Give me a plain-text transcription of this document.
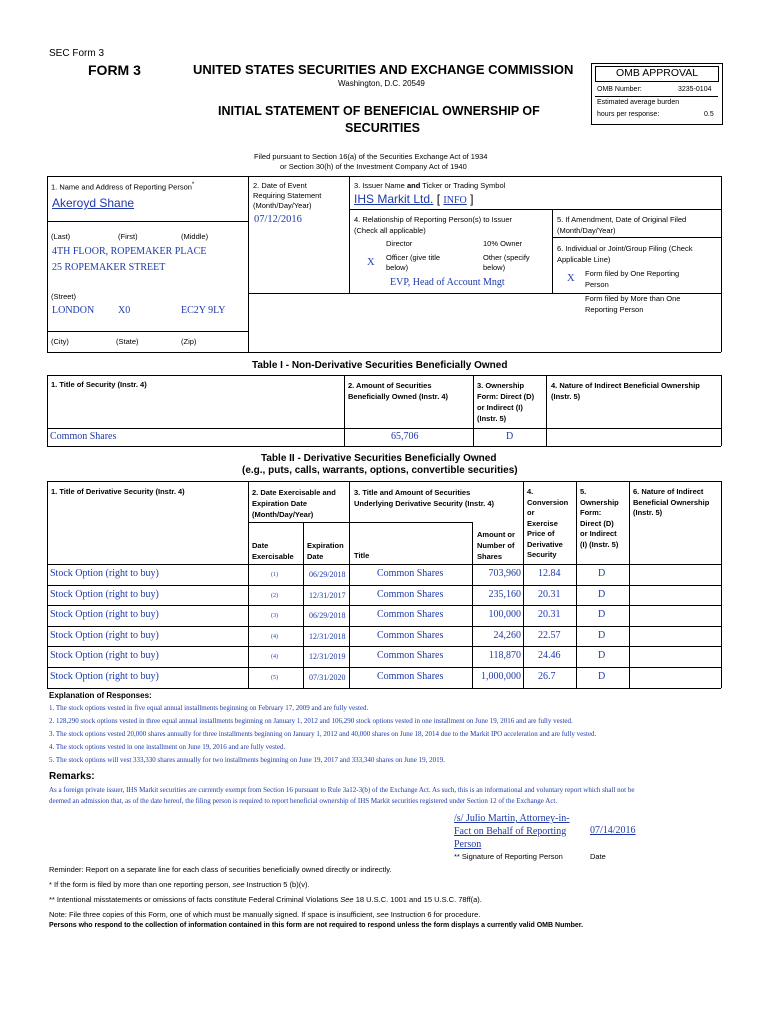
SEC Form 3
FORM 3	UNITED STATES SECURITIES AND EXCHANGE COMMISSION
Washington, D.C. 20549
INITIAL STATEMENT OF BENEFICIAL OWNERSHIP OF
SECURITIES
OMB APPROVAL
OMB Number:	3235-0104
Estimated average burden
hours per response:	0.5
Filed pursuant to Section 16(a) of the Securities Exchange Act of 1934
or Section 30(h) of the Investment Company Act of 1940
1. Name and Address of Reporting Person*
Akeroyd Shane
(Last)	(First)	(Middle)
4TH FLOOR, ROPEMAKER PLACE
25 ROPEMAKER STREET
(Street)
LONDON X0	EC2Y 9LY
(City)	(State)	(Zip)
2. Date of Event
Requiring Statement
(Month/Day/Year)
07/12/2016
3. Issuer Name and Ticker or Trading Symbol
IHS Markit Ltd. [ INFO ]
4. Relationship of Reporting Person(s) to Issuer
(Check all applicable)
Director	10% Owner
X Officer (give title
below)
Other (specify
below)
EVP, Head of Account Mngt
5. If Amendment, Date of Original Filed
(Month/Day/Year)
6. Individual or Joint/Group Filing (Check
Applicable Line)
X Form filed by One Reporting
Person
Form filed by More than One
Reporting Person
Table I - Non-Derivative Securities Beneficially Owned
1. Title of Security (Instr. 4)	2. Amount of Securities
Beneficially Owned (Instr. 4)
3. Ownership
Form: Direct (D)
or Indirect (I)
(Instr. 5)
4. Nature of Indirect Beneficial Ownership
(Instr. 5)
Common Shares	65,706	D
Table II - Derivative Securities Beneficially Owned
(e.g., puts, calls, warrants, options, convertible securities)
1. Title of Derivative Security (Instr. 4)	2. Date Exercisable and
Expiration Date
(Month/Day/Year)
3. Title and Amount of Securities
Underlying Derivative Security (Instr. 4)
4.
Conversion
or
Exercise
Price of
Derivative
Security
5.
Ownership
Form:
Direct (D)
or Indirect
(I) (Instr. 5)
6. Nature of Indirect
Beneficial Ownership
(Instr. 5)
Date
Exercisable
Expiration
Date	Title
Amount or
Number of
Shares
Stock Option (right to buy)	(1)	06/29/2018	Common Shares	703,960 12.84	D
Stock Option (right to buy)	(2)	12/31/2017	Common Shares	235,160 20.31	D
Stock Option (right to buy)	(3)	06/29/2018	Common Shares	100,000 20.31	D
Stock Option (right to buy)	(4)	12/31/2018	Common Shares	24,260 22.57	D
Stock Option (right to buy)	(4)	12/31/2019	Common Shares	118,870 24.46	D
Stock Option (right to buy)	(5)	07/31/2020	Common Shares	1,000,000 26.7	D
Explanation of Responses:
1. The stock options vested in five equal annual installments beginning on February 17, 2009 and are fully vested.
2. 128,290 stock options vested in three equal annual installments beginning on January 1, 2012 and 106,290 stock options vested in one installment on June 19, 2016 and are fully vested.
3. The stock options vested 20,000 shares annually for three installments beginning on January 1, 2012 and 40,000 shares on June 18, 2014 due to the Markit IPO acceleration and are fully vested.
4. The stock options vested in one installment on June 19, 2016 and are fully vested.
5. The stock options will vest 333,330 shares annually for two installments beginning on June 19, 2017 and 333,340 shares on June 19, 2019.
Remarks:
As a foreign private issuer, IHS Markit securities are currently exempt from Section 16 pursuant to Rule 3a12-3(b) of the Exchange Act. As such, this is an informational and voluntary report which shall not be
deemed an admission that, as of the date hereof, the filing person is required to report beneficial ownership of IHS Markit securities registered under Section 12 of the Exchange Act.
/s/ Julio Martin, Attorney-in-
Fact on Behalf of Reporting
Person
07/14/2016
** Signature of Reporting Person	Date
Reminder: Report on a separate line for each class of securities beneficially owned directly or indirectly.
* If the form is filed by more than one reporting person, see Instruction 5 (b)(v).
** Intentional misstatements or omissions of facts constitute Federal Criminal Violations See 18 U.S.C. 1001 and 15 U.S.C. 78ff(a).
Note: File three copies of this Form, one of which must be manually signed. If space is insufficient, see Instruction 6 for procedure.
Persons who respond to the collection of information contained in this form are not required to respond unless the form displays a currently valid OMB Number.
